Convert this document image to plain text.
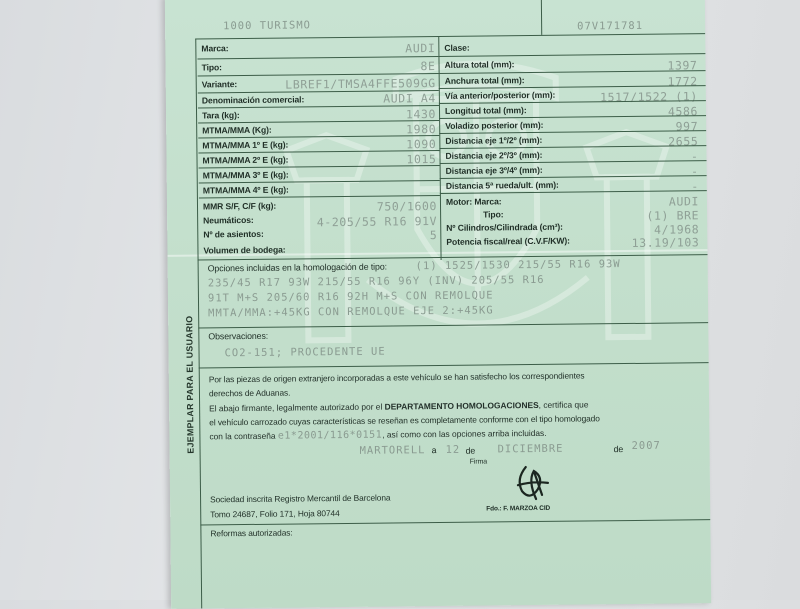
1000 TURISMO	07V171781
Marca:	AUDI
Tipo:	8E
Variante:	LBREF1/TMSA4FFE509GG
Denominación comercial:	AUDI A4
Tara (kg):	1430
MTMA/MMA (Kg):	1980
MTMA/MMA 1º E (kg):	1090
MTMA/MMA 2º E (kg):	1015
MTMA/MMA 3º E (kg):
MTMA/MMA 4º E (kg):
MMR S/F, C/F (kg):	750/1600
Neumáticos:	4-205/55 R16 91V
Nº de asientos:	5
Volumen de bodega:
Clase:
Altura total (mm):	1397
Anchura total (mm):	1772
Vía anterior/posterior (mm):	1517/1522 (1)
Longitud total (mm):	4586
Voladizo posterior (mm):	997
Distancia eje 1º/2º (mm):	2655
Distancia eje 2º/3º (mm):	-
Distancia eje 3º/4º (mm):	-
Distancia 5ª rueda/ult. (mm):	-
Motor: Marca:	AUDI
Tipo:	(1) BRE
Nº Cilindros/Cilindrada (cm³):	4/1968
Potencia fiscal/real (C.V.F/KW):	13.19/103
Opciones incluidas en la homologación de tipo:	(1) 1525/1530 215/55 R16 93W
235/45 R17 93W 215/55 R16 96Y (INV) 205/55 R16
91T M+S 205/60 R16 92H M+S CON REMOLQUE
MMTA/MMA:+45KG CON REMOLQUE EJE 2:+45KG
Observaciones:
CO2-151; PROCEDENTE UE
Por las piezas de origen extranjero incorporadas a este vehículo se han satisfecho los correspondientes
derechos de Aduanas.
El abajo firmante, legalmente autorizado por el DEPARTAMENTO HOMOLOGACIONES, certifica que
el vehículo carrozado cuyas características se reseñan es completamente conforme con el tipo homologado
con la contraseña e1*2001/116*0151, así como con las opciones arriba incluidas.
MARTORELL a 12 de DICIEMBRE	de 2007
Firma
Fdo.: F. MARZOA CID
Sociedad inscrita Registro Mercantil de Barcelona
Tomo 24687, Folio 171, Hoja 80744
Reformas autorizadas:
EJEMPLAR PARA EL USUARIO
